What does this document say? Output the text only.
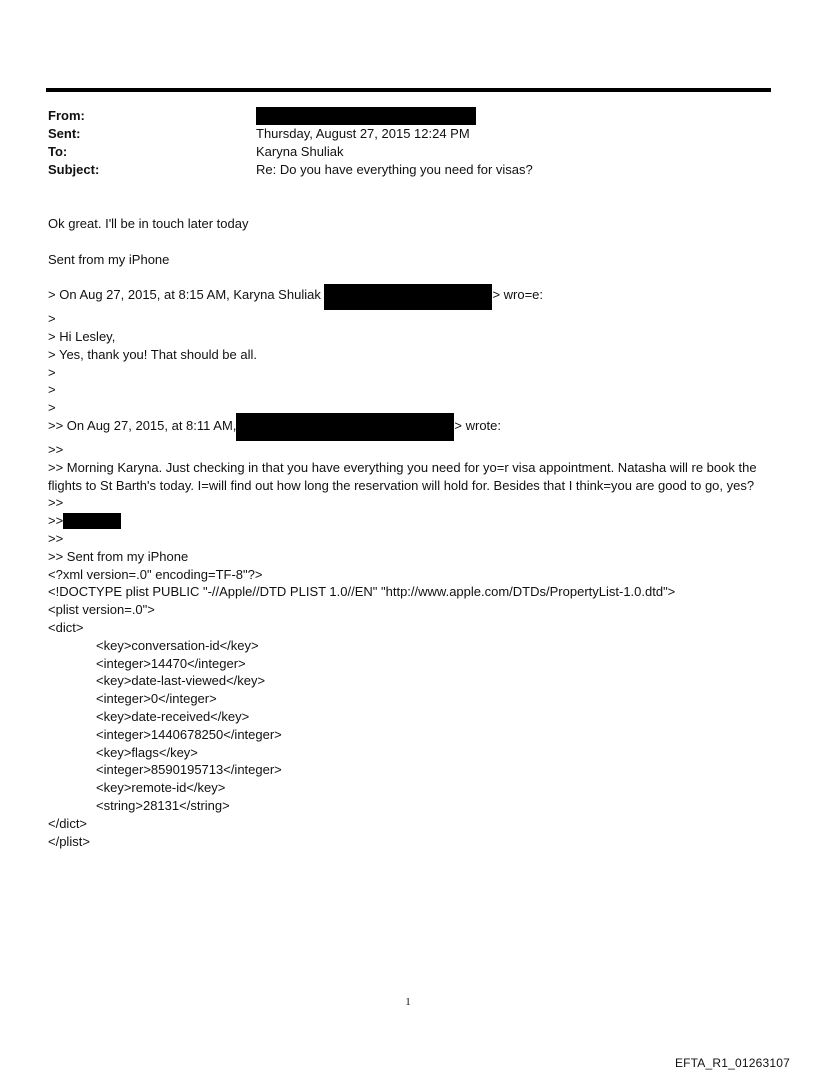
From:
Sent:	Thursday, August 27, 2015 12:24 PM
To:	Karyna Shuliak
Subject:	Re: Do you have everything you need for visas?
Ok great. I'll be in touch later today
Sent from my iPhone
> On Aug 27, 2015, at 8:15 AM, Karyna Shuliak	> wro=e:
>
> Hi Lesley,
> Yes, thank you! That should be all.
>
>
>
>> On Aug 27, 2015, at 8:11 AM,	> wrote:
>>
>> Morning Karyna. Just checking in that you have everything you need for yo=r visa appointment. Natasha will re book the flights to St Barth's today. I=will find out how long the reservation will hold for. Besides that I think=you are good to go, yes?
>>
>>
>>
>> Sent from my iPhone
<?xml version=.0" encoding=TF-8"?>
<!DOCTYPE plist PUBLIC "-//Apple//DTD PLIST 1.0//EN" "http://www.apple.com/DTDs/PropertyList-1.0.dtd">
<plist version=.0">
<dict>
<key>conversation-id</key>
<integer>14470</integer>
<key>date-last-viewed</key>
<integer>0</integer>
<key>date-received</key>
<integer>1440678250</integer>
<key>flags</key>
<integer>8590195713</integer>
<key>remote-id</key>
<string>28131</string>
</dict>
</plist>
1
EFTA_R1_01263107
